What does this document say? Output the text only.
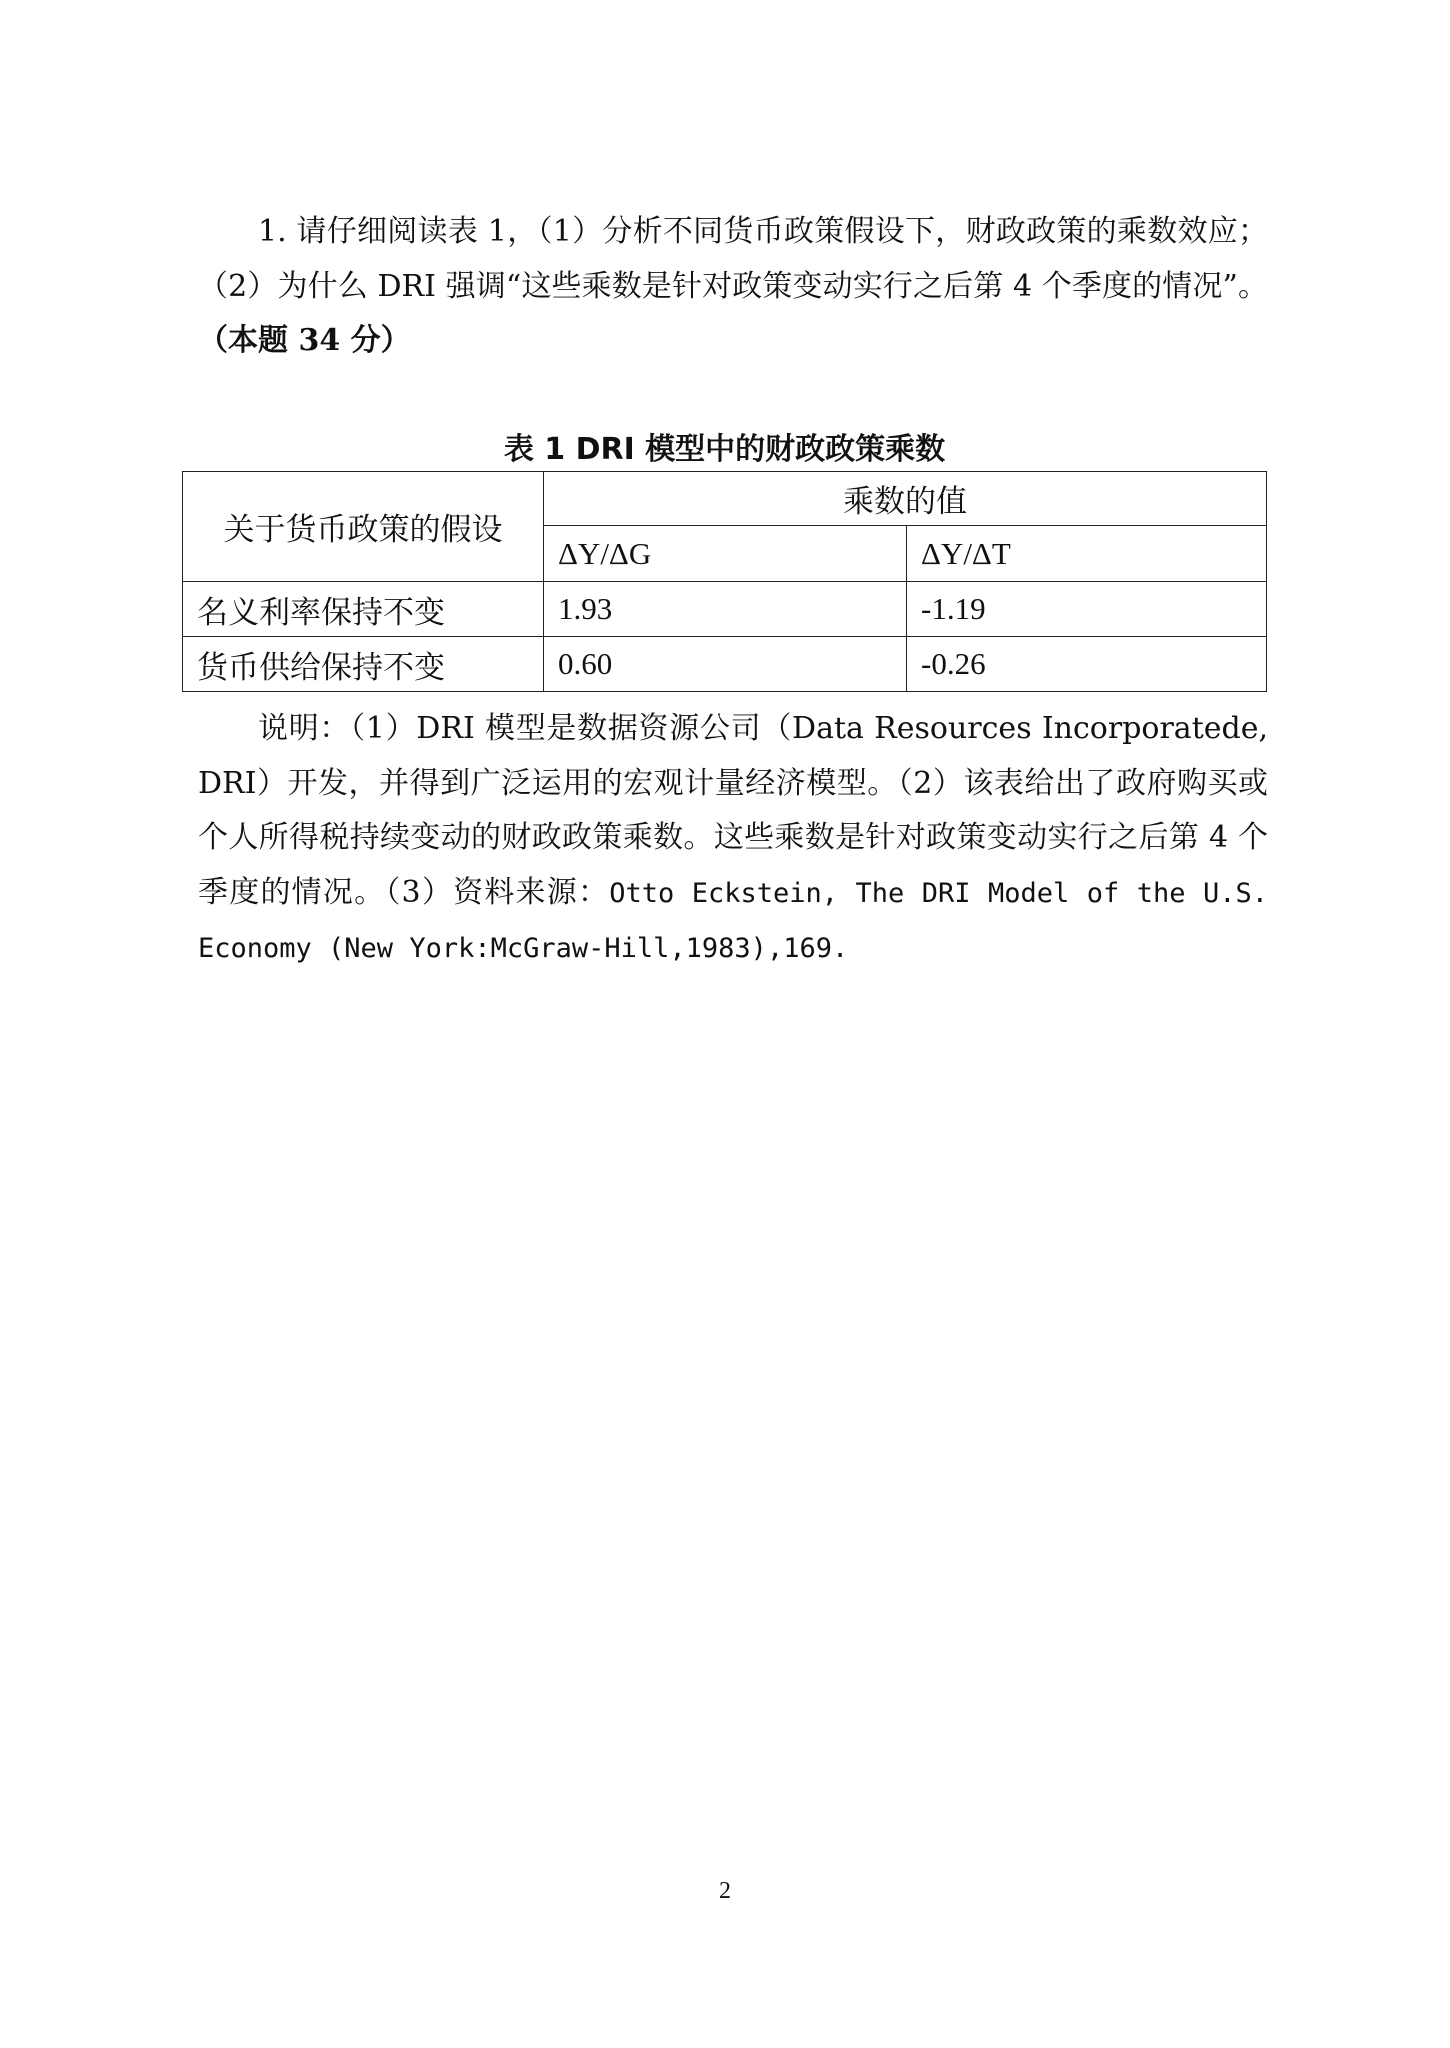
1. 请仔细阅读表 1，（1）分析不同货币政策假设下，财政政策的乘数效应；（2）为什么 DRI 强调“这些乘数是针对政策变动实行之后第 4 个季度的情况”。（本题 34 分）
表 1 DRI 模型中的财政政策乘数
关于货币政策的假设	乘数的值	
	ΔY/ΔG	ΔY/ΔT
名义利率保持不变	1.93	-1.19
货币供给保持不变	0.60	-0.26
说明：（1）DRI 模型是数据资源公司（Data Resources Incorporatede, DRI）开发，并得到广泛运用的宏观计量经济模型。（2）该表给出了政府购买或个人所得税持续变动的财政政策乘数。这些乘数是针对政策变动实行之后第 4 个季度的情况。（3）资料来源：Otto Eckstein, The DRI Model of the U.S. Economy (New York:McGraw-Hill,1983),169.
2
